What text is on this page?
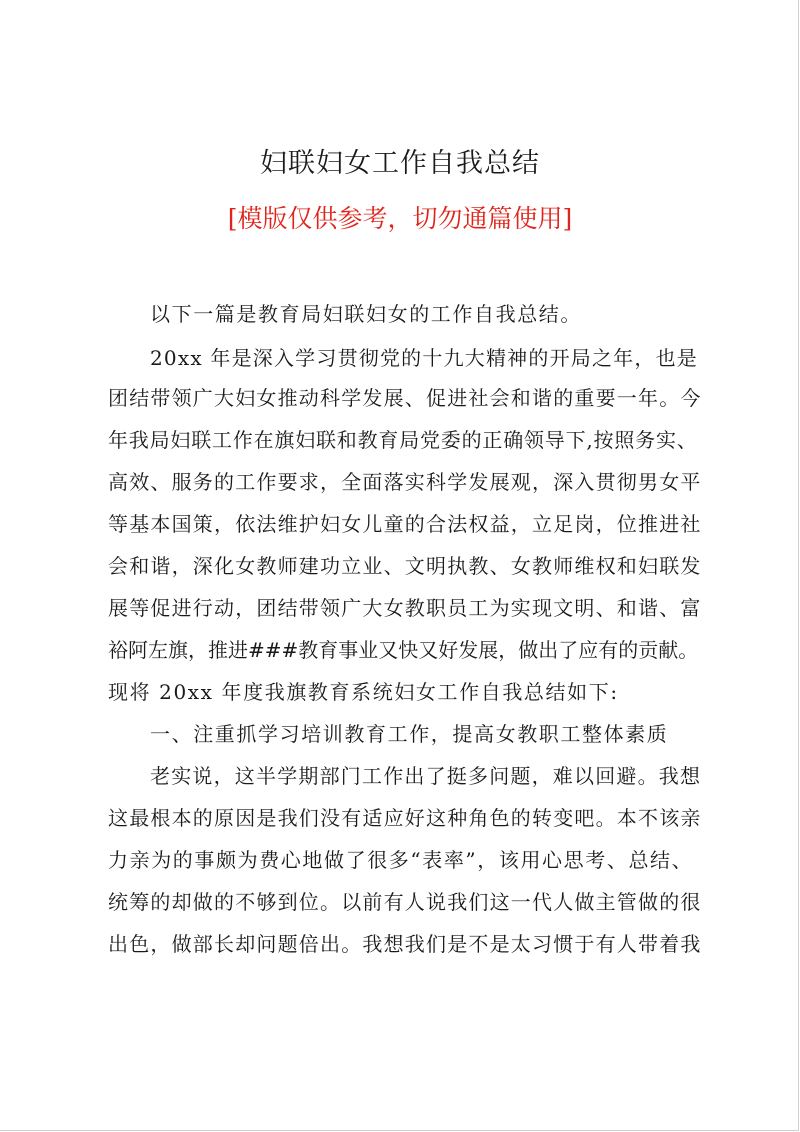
妇联妇女工作自我总结
[模版仅供参考，切勿通篇使用]
以下一篇是教育局妇联妇女的工作自我总结。
20xx 年是深入学习贯彻党的十九大精神的开局之年，也是
团结带领广大妇女推动科学发展、促进社会和谐的重要一年。今
年我局妇联工作在旗妇联和教育局党委的正确领导下,按照务实、
高效、服务的工作要求，全面落实科学发展观，深入贯彻男女平
等基本国策，依法维护妇女儿童的合法权益，立足岗，位推进社
会和谐，深化女教师建功立业、文明执教、女教师维权和妇联发
展等促进行动，团结带领广大女教职员工为实现文明、和谐、富
裕阿左旗，推进###教育事业又快又好发展，做出了应有的贡献。
现将 20xx 年度我旗教育系统妇女工作自我总结如下:
一、注重抓学习培训教育工作，提高女教职工整体素质
老实说，这半学期部门工作出了挺多问题，难以回避。我想
这最根本的原因是我们没有适应好这种角色的转变吧。本不该亲
力亲为的事颇为费心地做了很多“表率”，该用心思考、总结、
统筹的却做的不够到位。以前有人说我们这一代人做主管做的很
出色，做部长却问题倍出。我想我们是不是太习惯于有人带着我
